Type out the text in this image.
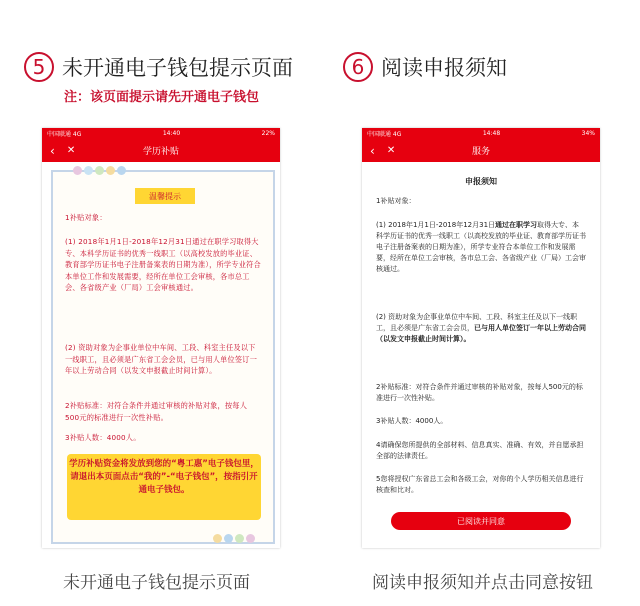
5 未开通电子钱包提示页面
注：该页面提示请先开通电子钱包
6 阅读申报须知
中国联通 4G	14:40	22%
‹ ✕	学历补贴
温馨提示
1补贴对象：
(1) 2018年1月1日-2018年12月31日通过在职学习取得大专、本科学历证书的优秀一线职工（以高校发放的毕业证、教育部学历证书电子注册备案表的日期为准），所学专业符合本单位工作和发展需要，经所在单位工会审核，各市总工会、各省级产业（厂局）工会审核通过。
(2) 资助对象为企事业单位中车间、工段、科室主任及以下一线职工，且必须是广东省工会会员，已与用人单位签订一年以上劳动合同（以发文申报截止时间计算）。
2补贴标准：对符合条件并通过审核的补贴对象，按每人500元的标准进行一次性补贴。
3补贴人数：4000人。
学历补贴资金将发放到您的“粤工惠”电子钱包里，请退出本页面点击“我的”-“电子钱包”，按指引开通电子钱包。
中国联通 4G	14:48	34%
‹ ✕	服务
申报须知
1补贴对象：
(1) 2018年1月1日-2018年12月31日通过在职学习取得大专、本科学历证书的优秀一线职工（以高校发放的毕业证、教育部学历证书电子注册备案表的日期为准），所学专业符合本单位工作和发展需要，经所在单位工会审核，各市总工会、各省级产业（厂局）工会审核通过。
(2) 资助对象为企事业单位中车间、工段、科室主任及以下一线职工，且必须是广东省工会会员，已与用人单位签订一年以上劳动合同（以发文申报截止时间计算）。
2补贴标准：对符合条件并通过审核的补贴对象，按每人500元的标准进行一次性补贴。
3补贴人数：4000人。
4请确保您所提供的全部材料、信息真实、准确、有效，并自愿承担全部的法律责任。
5您将授权广东省总工会和各级工会，对你的个人学历相关信息进行核查和比对。
已阅读并同意
未开通电子钱包提示页面	阅读申报须知并点击同意按钮
